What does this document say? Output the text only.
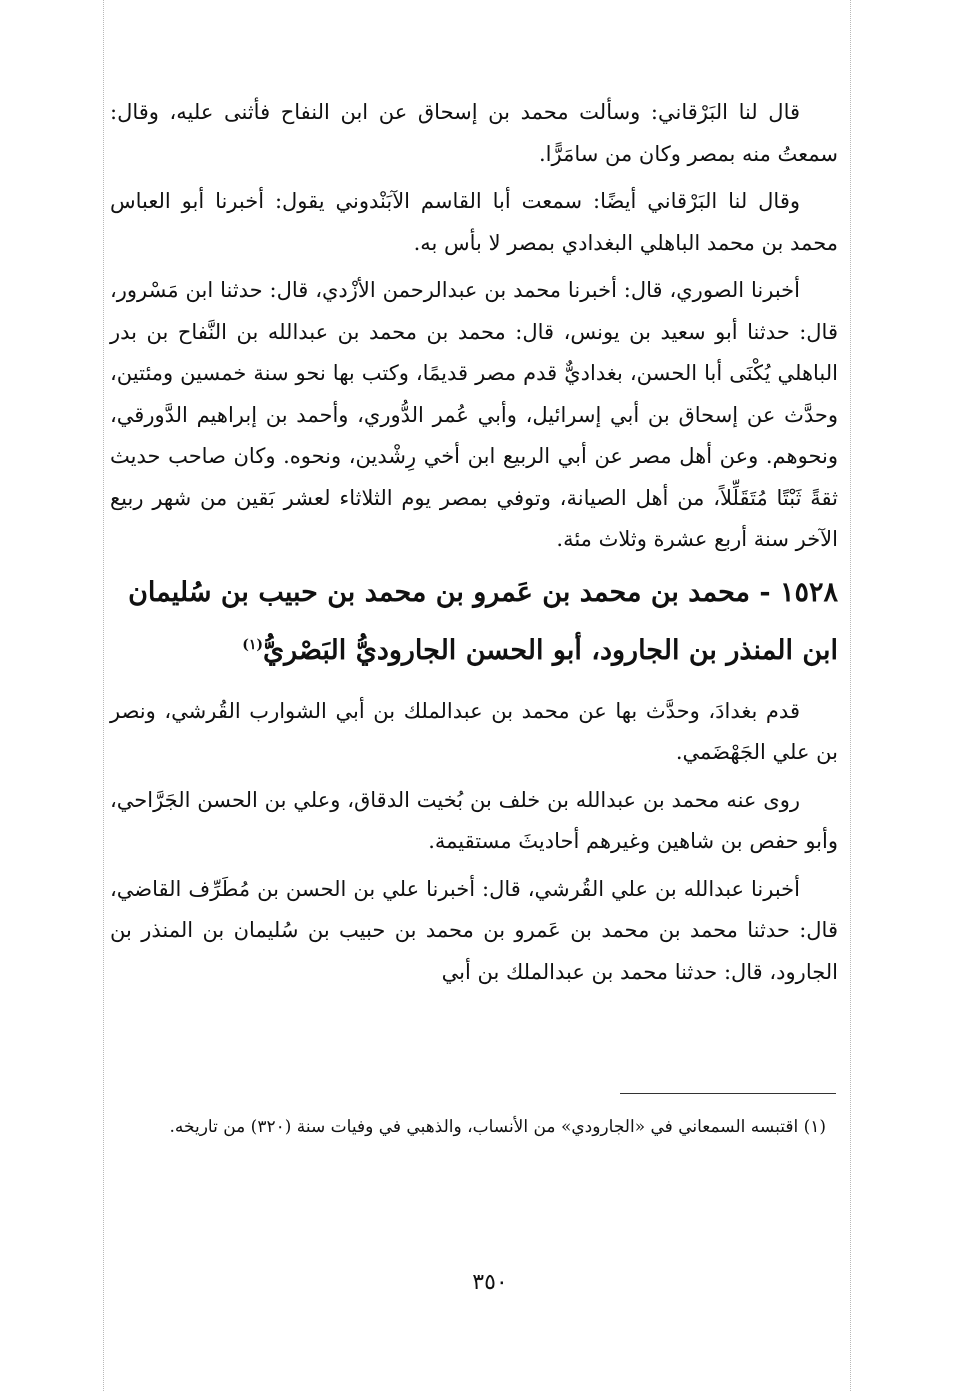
قال لنا البَرْقاني: وسألت محمد بن إسحاق عن ابن النفاح فأثنى عليه، وقال: سمعتُ منه بمصر وكان من سامَرًّا.

وقال لنا البَرْقاني أيضًا: سمعت أبا القاسم الآبَنْدوني يقول: أخبرنا أبو العباس محمد بن محمد الباهلي البغدادي بمصر لا بأس به.

أخبرنا الصوري، قال: أخبرنا محمد بن عبدالرحمن الأزْدي، قال: حدثنا ابن مَسْرور، قال: حدثنا أبو سعيد بن يونس، قال: محمد بن محمد بن عبدالله بن النَّفاح بن بدر الباهلي يُكْنَى أبا الحسن، بغداديٌّ قدم مصر قديمًا، وكتب بها نحو سنة خمسين ومئتين، وحدَّث عن إسحاق بن أبي إسرائيل، وأبي عُمر الدُّوري، وأحمد بن إبراهيم الدَّورقي، ونحوهم. وعن أهل مصر عن أبي الربيع ابن أخي رِشْدين، ونحوه. وكان صاحب حديث ثقةً ثَبْتًا مُتَقَلِّلاً، من أهل الصيانة، وتوفي بمصر يوم الثلاثاء لعشر بَقين من شهر ربيع الآخر سنة أربع عشرة وثلاث مئة.

١٥٢٨ - محمد بن محمد بن عَمرو بن محمد بن حبيب بن سُليمان ابن المنذر بن الجارود، أبو الحسن الجاروديُّ البَصْريُّ$^{(١)}$

قدم بغدادَ، وحدَّث بها عن محمد بن عبدالملك بن أبي الشوارب القُرشي، ونصر بن علي الجَهْضَمي.

روى عنه محمد بن عبدالله بن خلف بن بُخيت الدقاق، وعلي بن الحسن الجَرَّاحي، وأبو حفص بن شاهين وغيرهم أحاديثَ مستقيمة.

أخبرنا عبدالله بن علي القُرشي، قال: أخبرنا علي بن الحسن بن مُطَرِّف القاضي، قال: حدثنا محمد بن محمد بن عَمرو بن محمد بن حبيب بن سُليمان بن المنذر بن الجارود، قال: حدثنا محمد بن عبدالملك بن أبي

(١) اقتبسه السمعاني في «الجارودي» من الأنساب، والذهبي في وفيات سنة (٣٢٠) من تاريخه.
٣٥٠
